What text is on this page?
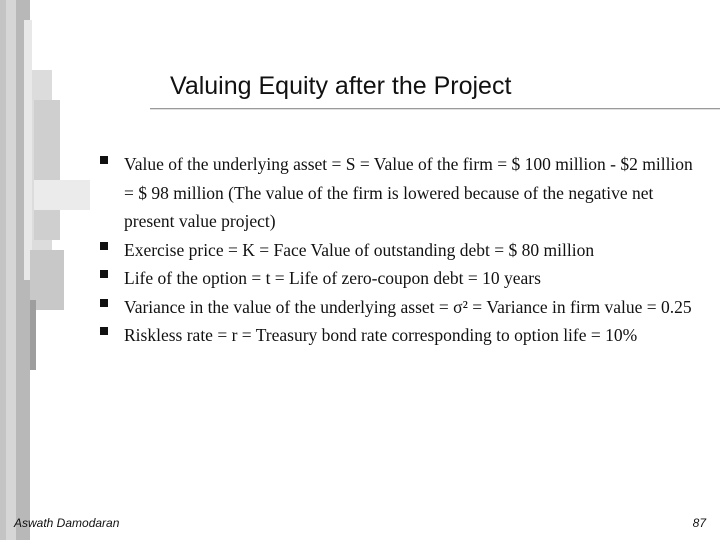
Valuing Equity after the Project
Value of the underlying asset = S = Value of the firm = $ 100 million - $2 million = $ 98 million (The value of the firm is lowered because of the negative net present value project)
Exercise price = K = Face Value of outstanding debt = $ 80 million
Life of the option = t = Life of zero-coupon debt = 10 years
Variance in the value of the underlying asset = σ² = Variance in firm value = 0.25
Riskless rate = r = Treasury bond rate corresponding to option life = 10%
Aswath Damodaran	87
